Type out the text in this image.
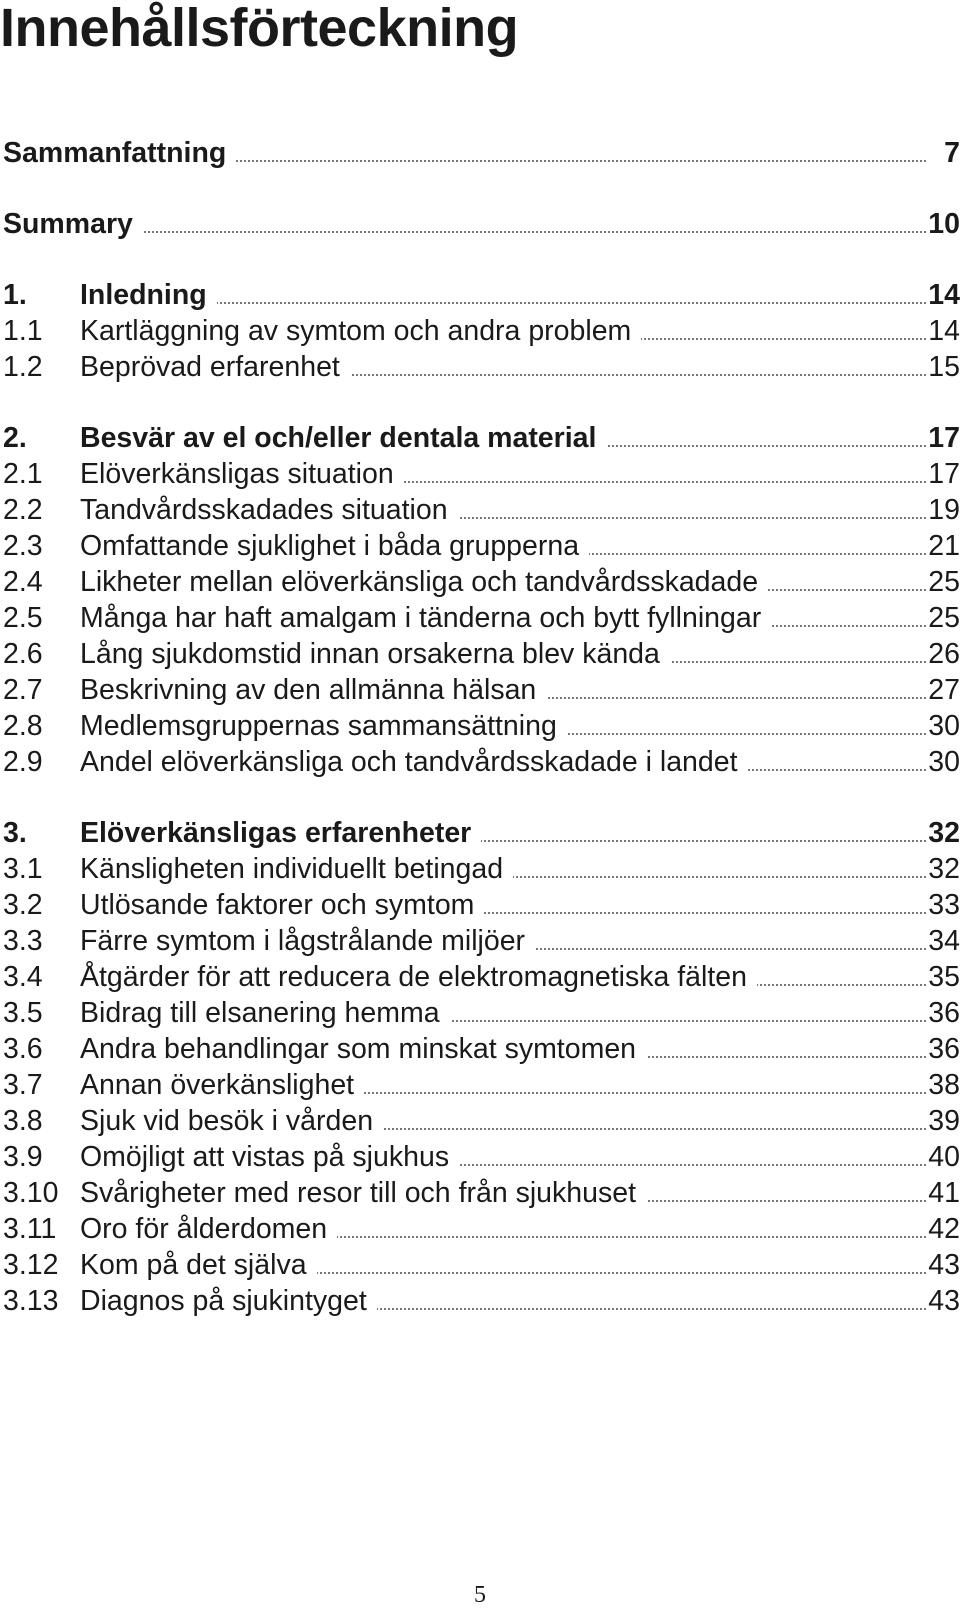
Innehållsförteckning
Sammanfattning	7
Summary	10
1. Inledning	14
1.1 Kartläggning av symtom och andra problem	14
1.2 Beprövad erfarenhet	15
2. Besvär av el och/eller dentala material	17
2.1 Elöverkänsligas situation	17
2.2 Tandvårdsskadades situation	19
2.3 Omfattande sjuklighet i båda grupperna	21
2.4 Likheter mellan elöverkänsliga och tandvårdsskadade	25
2.5 Många har haft amalgam i tänderna och bytt fyllningar	25
2.6 Lång sjukdomstid innan orsakerna blev kända	26
2.7 Beskrivning av den allmänna hälsan	27
2.8 Medlemsgruppernas sammansättning	30
2.9 Andel elöverkänsliga och tandvårdsskadade i landet	30
3. Elöverkänsligas erfarenheter	32
3.1 Känsligheten individuellt betingad	32
3.2 Utlösande faktorer och symtom	33
3.3 Färre symtom i lågstrålande miljöer	34
3.4 Åtgärder för att reducera de elektromagnetiska fälten	35
3.5 Bidrag till elsanering hemma	36
3.6 Andra behandlingar som minskat symtomen	36
3.7 Annan överkänslighet	38
3.8 Sjuk vid besök i vården	39
3.9 Omöjligt att vistas på sjukhus	40
3.10 Svårigheter med resor till och från sjukhuset	41
3.11 Oro för ålderdomen	42
3.12 Kom på det själva	43
3.13 Diagnos på sjukintyget	43
5
